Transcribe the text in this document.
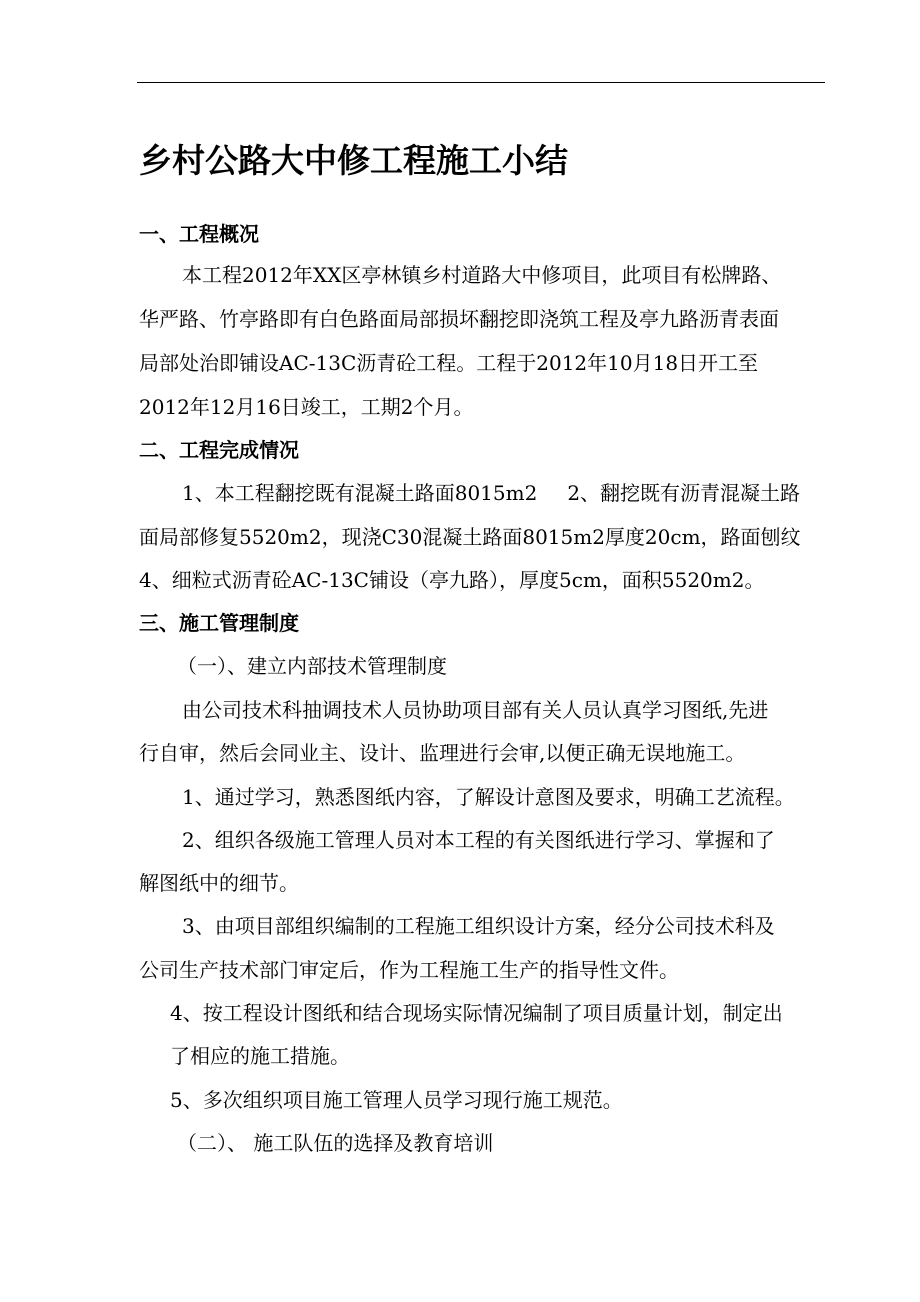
乡村公路大中修工程施工小结
一、工程概况
本工程2012年XX区亭林镇乡村道路大中修项目，此项目有松牌路、
华严路、竹亭路即有白色路面局部损坏翻挖即浇筑工程及亭九路沥青表面
局部处治即铺设AC-13C沥青砼工程。工程于2012年10月18日开工至
2012年12月16日竣工，工期2个月。
二、工程完成情况
1、本工程翻挖既有混凝土路面8015m2 2、翻挖既有沥青混凝土路
面局部修复5520m2，现浇C30混凝土路面8015m2厚度20cm，路面刨纹
4、细粒式沥青砼AC-13C铺设（亭九路），厚度5cm，面积5520m2。
三、施工管理制度
（一）、建立内部技术管理制度
由公司技术科抽调技术人员协助项目部有关人员认真学习图纸,先进
行自审，然后会同业主、设计、监理进行会审,以便正确无误地施工。
1、通过学习，熟悉图纸内容，了解设计意图及要求，明确工艺流程。
2、组织各级施工管理人员对本工程的有关图纸进行学习、掌握和了
解图纸中的细节。
3、由项目部组织编制的工程施工组织设计方案，经分公司技术科及
公司生产技术部门审定后，作为工程施工生产的指导性文件。
4、按工程设计图纸和结合现场实际情况编制了项目质量计划，制定出
了相应的施工措施。
5、多次组织项目施工管理人员学习现行施工规范。
（二）、 施工队伍的选择及教育培训
